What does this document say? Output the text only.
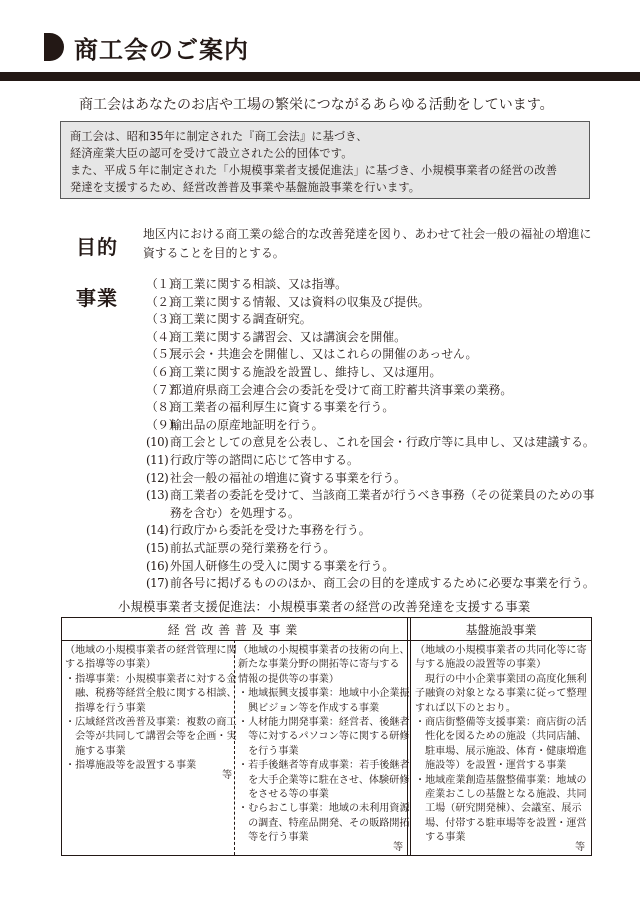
商工会のご案内
商工会はあなたのお店や工場の繁栄につながるあらゆる活動をしています。
商工会は、昭和35年に制定された『商工会法』に基づき、
経済産業大臣の認可を受けて設立された公的団体です。
また、平成５年に制定された「小規模事業者支援促進法」に基づき、小規模事業者の経営の改善
発達を支援するため、経営改善普及事業や基盤施設事業を行います。
目的
地区内における商工業の総合的な改善発達を図り、あわせて社会一般の福祉の増進に
資することを目的とする。
事業
（１）
商工業に関する相談、又は指導。
（２）
商工業に関する情報、又は資料の収集及び提供。
（３）
商工業に関する調査研究。
（４）
商工業に関する講習会、又は講演会を開催。
（５）
展示会・共進会を開催し、又はこれらの開催のあっせん。
（６）
商工業に関する施設を設置し、維持し、又は運用。
（７）
都道府県商工会連合会の委託を受けて商工貯蓄共済事業の業務。
（８）
商工業者の福利厚生に資する事業を行う。
（９）
輸出品の原産地証明を行う。
(10) 商工会としての意見を公表し、これを国会・行政庁等に具申し、又は建議する。
(11) 行政庁等の諮問に応じて答申する。
(12) 社会一般の福祉の増進に資する事業を行う。
(13) 商工業者の委託を受けて、当該商工業者が行うべき事務（その従業員のための事
務を含む）を処理する。
(14) 行政庁から委託を受けた事務を行う。
(15) 前払式証票の発行業務を行う。
(16) 外国人研修生の受入に関する事業を行う。
(17) 前各号に掲げるもののほか、商工会の目的を達成するために必要な事業を行う。
小規模事業者支援促進法：小規模事業者の経営の改善発達を支援する事業
経営改善普及事業	基盤施設事業
（地域の小規模事業者の経営管理に関
する指導等の事業）
・指導事業：小規模事業者に対する金
　融、税務等経営全般に関する相談、
　指導を行う事業
・広域経営改善普及事業：複数の商工
　会等が共同して講習会等を企画・実
　施する事業
・指導施設等を設置する事業
等
（地域の小規模事業者の技術の向上、
新たな事業分野の開拓等に寄与する
情報の提供等の事業）
・地域振興支援事業：地域中小企業振
　興ビジョン等を作成する事業
・人材能力開発事業：経営者、後継者
　等に対するパソコン等に関する研修
　を行う事業
・若手後継者等育成事業：若手後継者
　を大手企業等に駐在させ、体験研修
　をさせる等の事業
・むらおこし事業：地域の未利用資源
　の調査、特産品開発、その販路開拓
　等を行う事業
等
（地域の小規模事業者の共同化等に寄
与する施設の設置等の事業）
　現行の中小企業事業団の高度化無利
子融資の対象となる事業に従って整理
すれば以下のとおり。
・商店街整備等支援事業：商店街の活
　性化を図るための施設（共同店舗、
　駐車場、展示施設、体育・健康増進
　施設等）を設置・運営する事業
・地域産業創造基盤整備事業：地域の
　産業おこしの基盤となる施設、共同
　工場（研究開発棟）、会議室、展示
　場、付帯する駐車場等を設置・運営
　する事業
等
